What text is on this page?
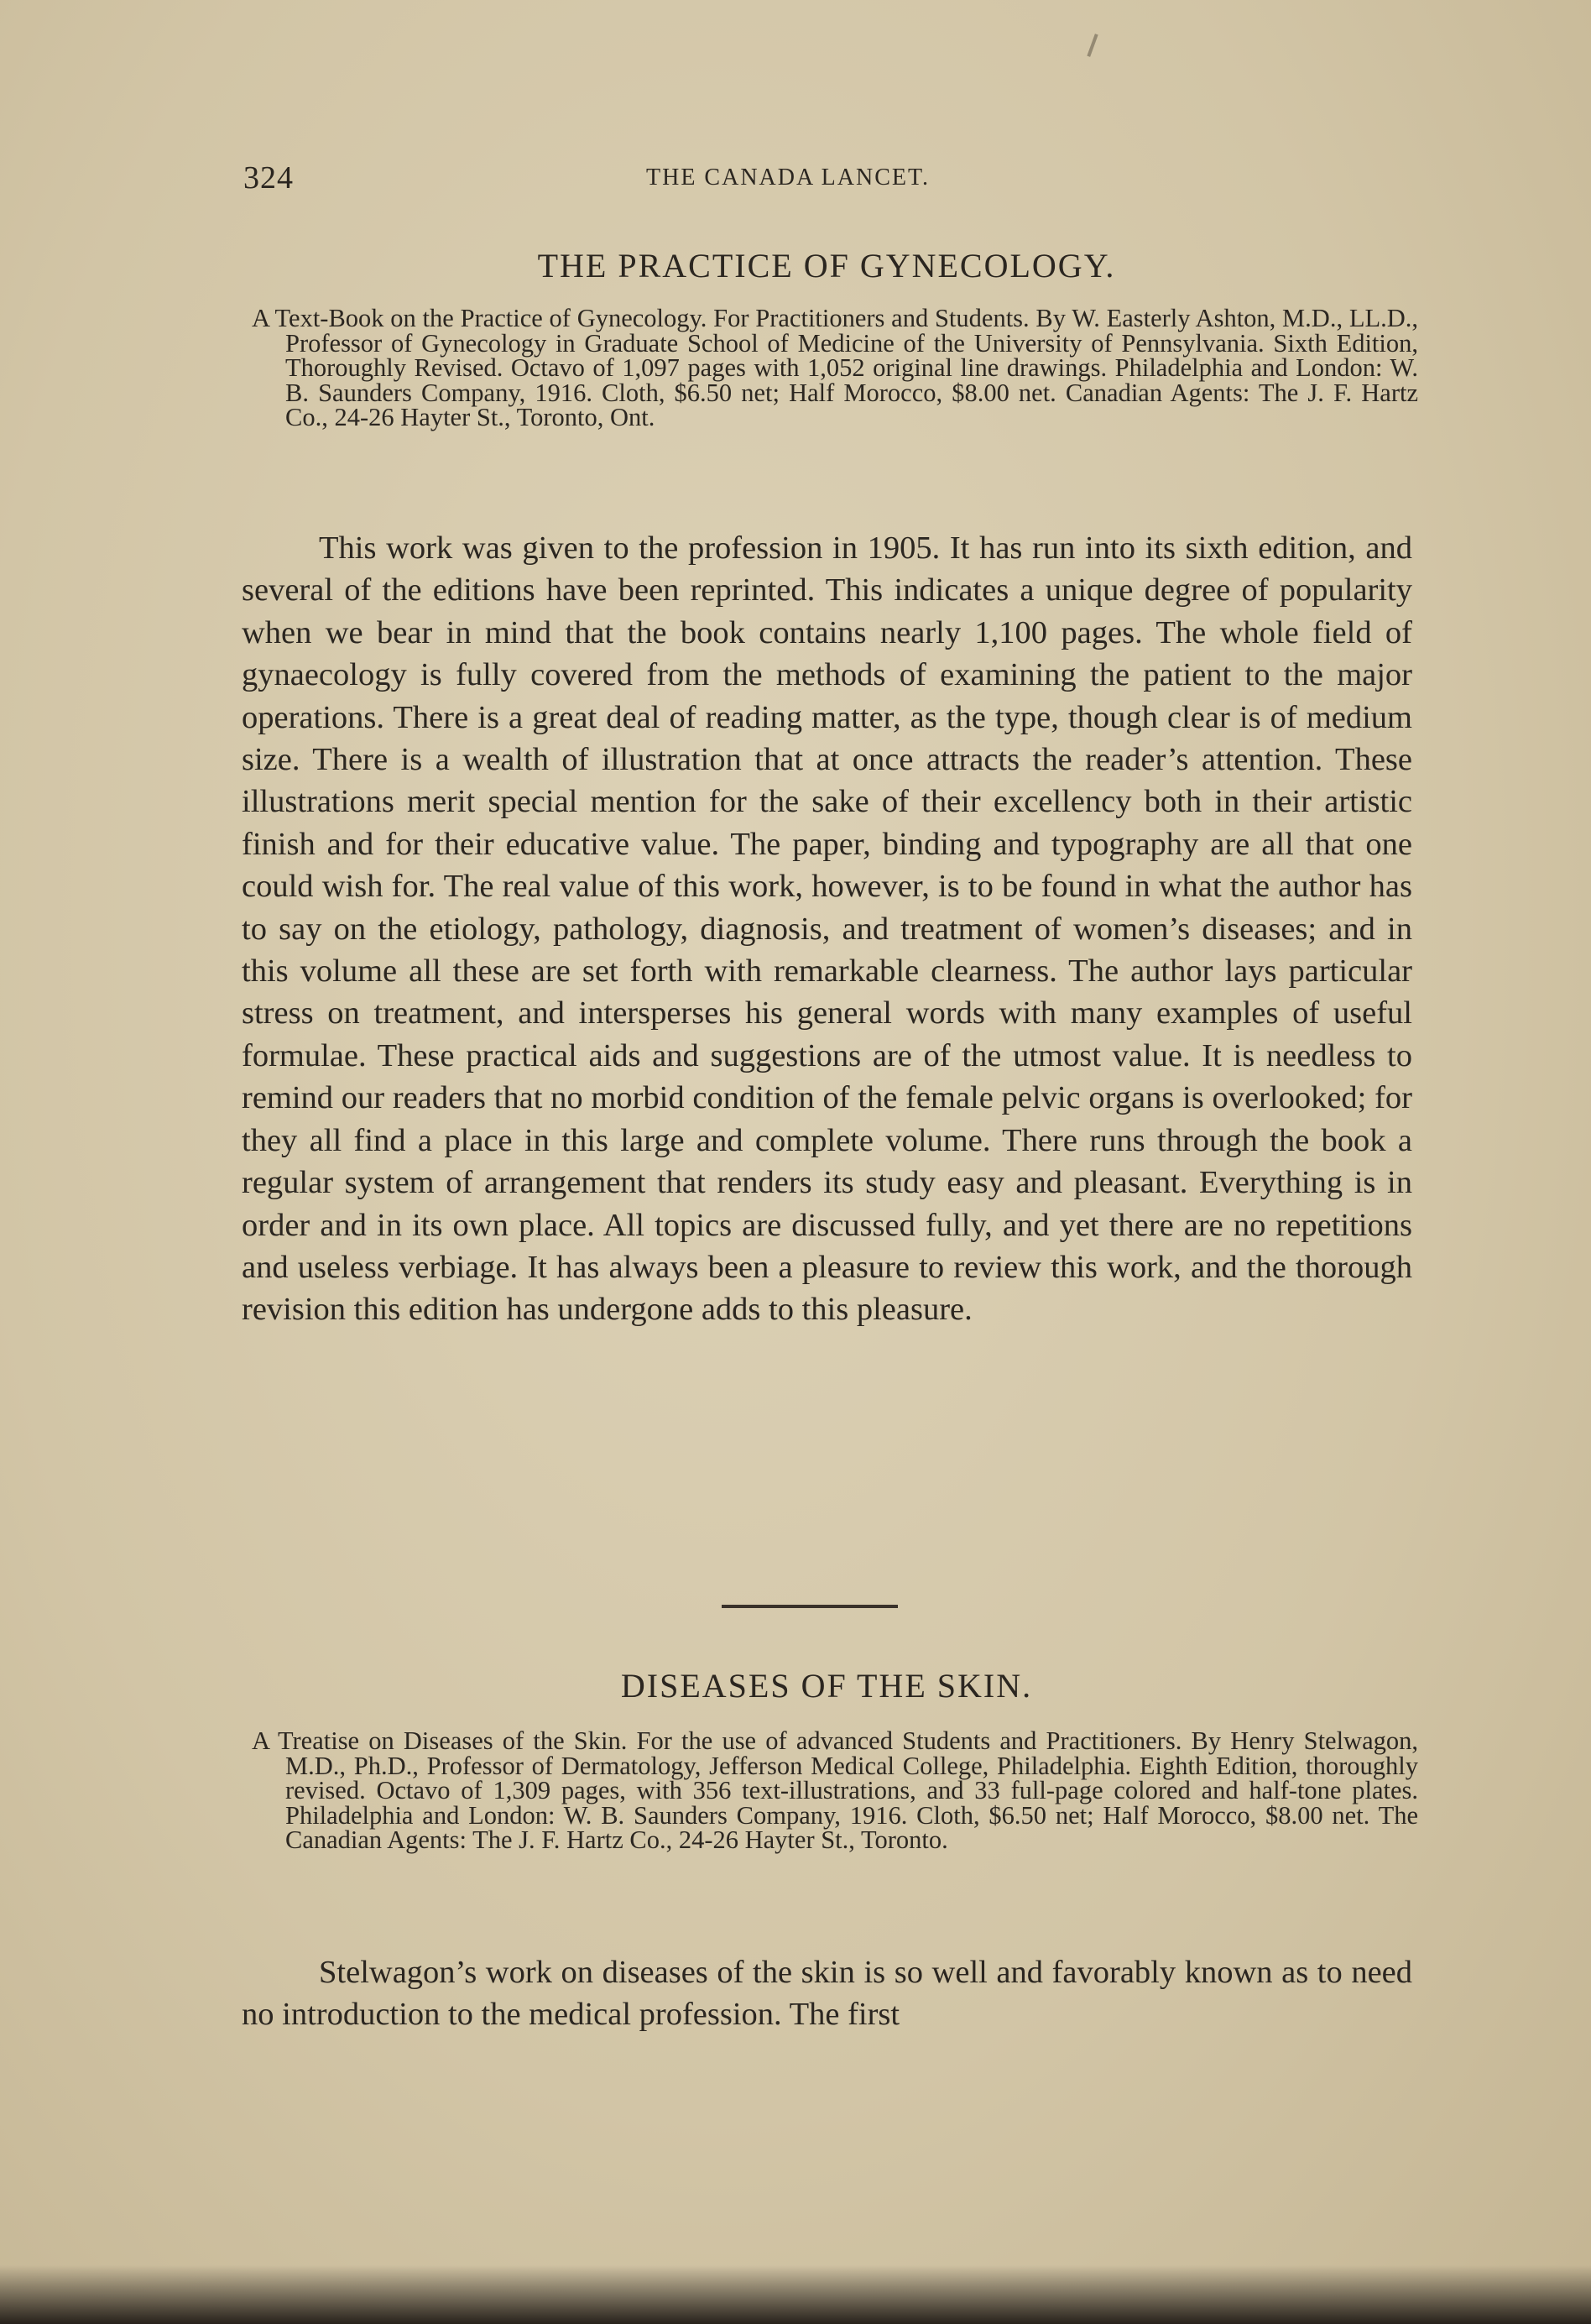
324	THE CANADA LANCET.
THE PRACTICE OF GYNECOLOGY.
A Text-Book on the Practice of Gynecology. For Practitioners and Students. By W. Easterly Ashton, M.D., LL.D., Professor of Gynecology in Graduate School of Medicine of the University of Pennsylvania. Sixth Edition, Thoroughly Revised. Octavo of 1,097 pages with 1,052 original line drawings. Philadelphia and London: W. B. Saunders Company, 1916. Cloth, $6.50 net; Half Morocco, $8.00 net. Canadian Agents: The J. F. Hartz Co., 24-26 Hayter St., Toronto, Ont.
This work was given to the profession in 1905. It has run into its sixth edition, and several of the editions have been reprinted. This indicates a unique degree of popularity when we bear in mind that the book contains nearly 1,100 pages. The whole field of gynaecology is fully covered from the methods of examining the patient to the major operations. There is a great deal of reading matter, as the type, though clear is of medium size. There is a wealth of illustration that at once attracts the reader’s attention. These illustrations merit special mention for the sake of their excellency both in their artistic finish and for their educative value. The paper, binding and typography are all that one could wish for. The real value of this work, however, is to be found in what the author has to say on the etiology, pathology, diagnosis, and treatment of women’s diseases; and in this volume all these are set forth with remarkable clearness. The author lays particular stress on treatment, and intersperses his general words with many examples of useful formulae. These practical aids and suggestions are of the utmost value. It is needless to remind our readers that no morbid condition of the female pelvic organs is overlooked; for they all find a place in this large and complete volume. There runs through the book a regular system of arrangement that renders its study easy and pleasant. Everything is in order and in its own place. All topics are discussed fully, and yet there are no repetitions and useless verbiage. It has always been a pleasure to review this work, and the thorough revision this edition has undergone adds to this pleasure.
DISEASES OF THE SKIN.
A Treatise on Diseases of the Skin. For the use of advanced Students and Practitioners. By Henry Stelwagon, M.D., Ph.D., Professor of Dermatology, Jefferson Medical College, Philadelphia. Eighth Edition, thoroughly revised. Octavo of 1,309 pages, with 356 text-illustrations, and 33 full-page colored and half-tone plates. Philadelphia and London: W. B. Saunders Company, 1916. Cloth, $6.50 net; Half Morocco, $8.00 net. The Canadian Agents: The J. F. Hartz Co., 24-26 Hayter St., Toronto.
Stelwagon’s work on diseases of the skin is so well and favorably known as to need no introduction to the medical profession. The first
